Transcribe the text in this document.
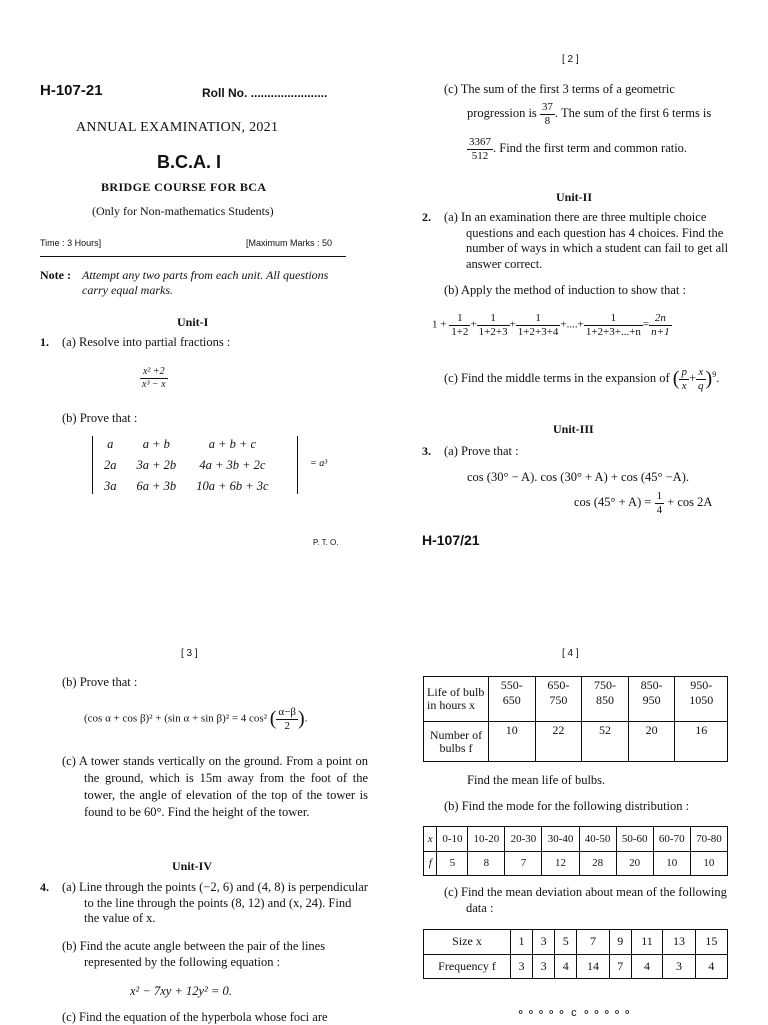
H-107-21	Roll No. .......................
ANNUAL EXAMINATION, 2021
B.C.A. I
BRIDGE COURSE FOR BCA
(Only for Non-mathematics Students)
Time : 3 Hours]	[Maximum Marks : 50
Note : Attempt any two parts from each unit. All questions carry equal marks.
Unit-I
1. (a) Resolve into partial fractions :
$\frac{\text{x² +2}}{\text{x³ − x}}$
(b) Prove that :
a	a + b	a + b + c
2a	3a + 2b	4a + 3b + 2c
3a	6a + 3b	10a + 6b + 3c
= a³
P. T. O.
[ 2 ]
(c) The sum of the first 3 terms of a geometric
progression is $\frac{37}{8}$ . The sum of the first 6 terms is
$\frac{3367}{512}$ . Find the first term and common ratio.
Unit-II
2. (a) In an examination there are three multiple choice questions and each question has 4 choices. Find the number of ways in which a student can fail to get all answer correct.
(b) Apply the method of induction to show that :
$1 + \frac{1}{1+2} + \frac{1}{1+2+3} + \frac{1}{1+2+3+4}$ +....+ $\frac{1}{1+2+3+...+n} = \frac{2n}{n+1}$
(c) Find the middle terms in the expansion of ( $\frac{p}{x} + \frac{x}{q} )^9$.
Unit-III
3. (a) Prove that :
cos (30° − A). cos (30° + A) + cos (45° −A).
$\cos (45^\circ + A) = \frac{1}{4} + \cos 2A$
H-107/21
[ 3 ]
(b) Prove that :
(cos α + cos β)² + (sin α + sin β)² = 4 cos² ( $\frac{\alpha-\beta}{2}$ ).
(c) A tower stands vertically on the ground. From a point on the ground, which is 15m away from the foot of the tower, the angle of elevation of the top of the tower is found to be 60°. Find the height of the tower.
Unit-IV
4. (a) Line through the points (−2, 6) and (4, 8) is perpendicular to the line through the points (8, 12) and (x, 24). Find the value of x.
(b) Find the acute angle between the pair of the lines represented by the following equation :
x² − 7xy + 12y² = 0.
(c) Find the equation of the hyperbola whose foci are
[ 4 ]
Life of bulb in hours x	550-650	650-750	750-850	850-950	950-1050
Number of bulbs f	10	22	52	20	16
Find the mean life of bulbs.
(b) Find the mode for the following distribution :
x	0-10	10-20	20-30	30-40	40-50	50-60	60-70	70-80
f	5	8	7	12	28	20	10	10
(c) Find the mean deviation about mean of the following data :
Size x	1	3	5	7	9	11	13	15
Frequency f	3	3	4	14	7	4	3	4
⚬⚬⚬⚬⚬ c ⚬⚬⚬⚬⚬
